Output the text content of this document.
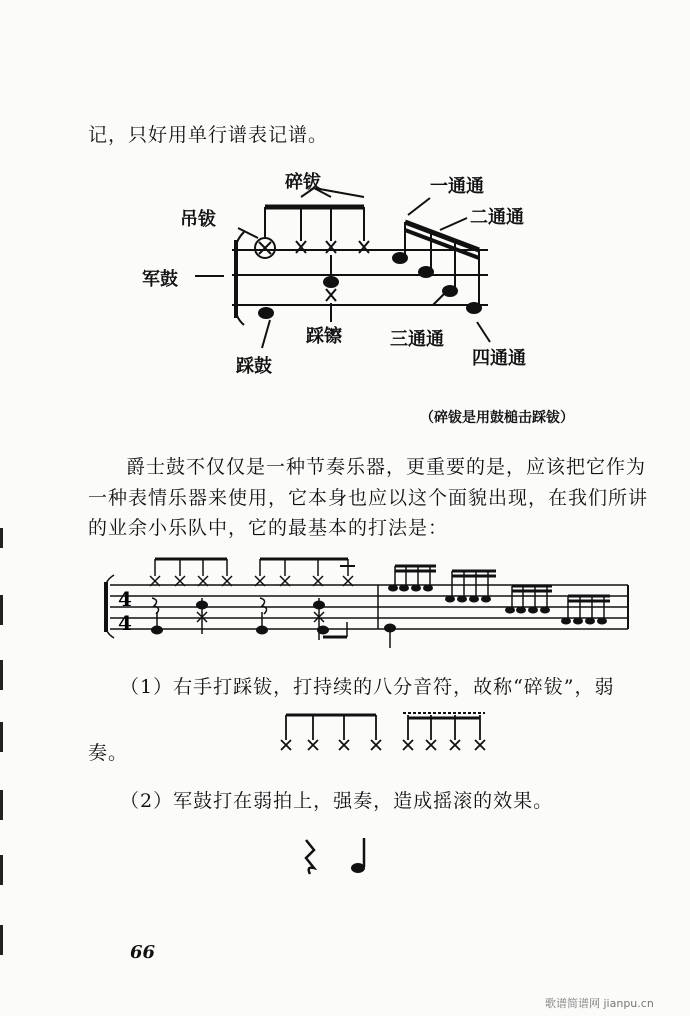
记，只好用单行谱表记谱。
碎钹
吊钹
军鼓
踩镲
踩鼓
一通通
二通通
三通通
四通通
（碎钹是用鼓槌击踩钹）
爵士鼓不仅仅是一种节奏乐器，更重要的是，应该把它作为
一种表情乐器来使用，它本身也应以这个面貌出现，在我们所讲
的业余小乐队中，它的最基本的打法是：
4
4
（1）右手打踩钹，打持续的八分音符，故称“碎钹”，弱
奏。
（2）军鼓打在弱拍上，强奏，造成摇滚的效果。
66
歌谱简谱网 jianpu.cn
